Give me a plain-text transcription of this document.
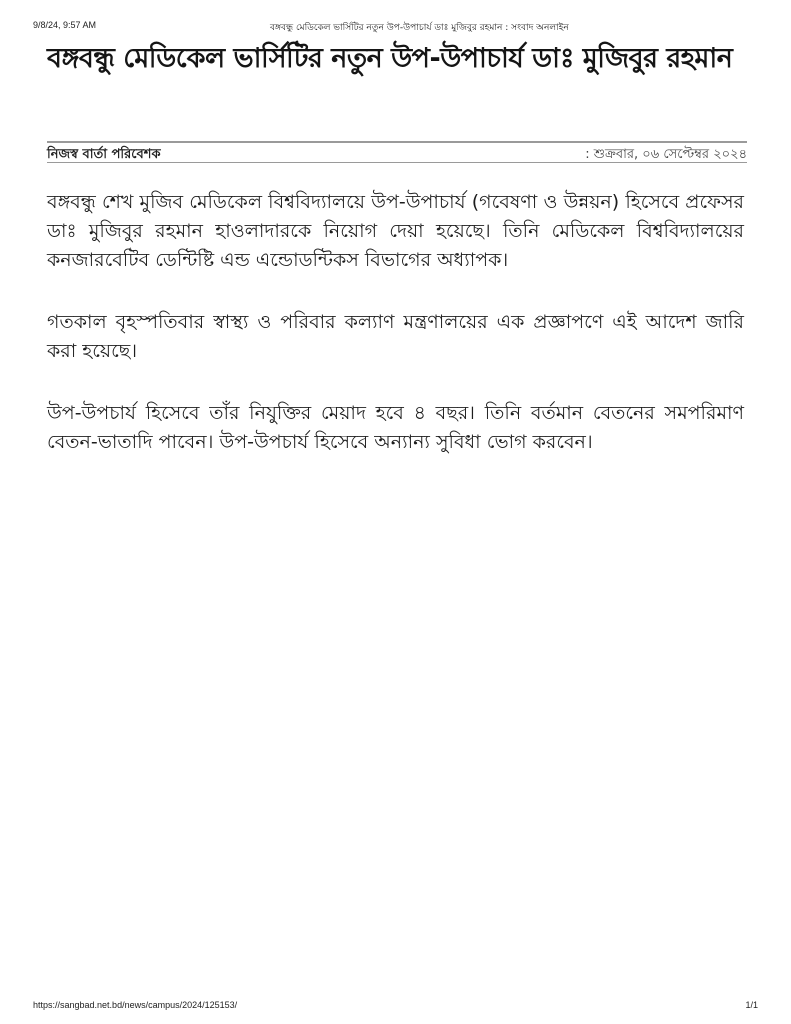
9/8/24, 9:57 AM	বঙ্গবন্ধু মেডিকেল ভার্সিটির নতুন উপ-উপাচার্য ডাঃ মুজিবুর রহমান : সংবাদ অনলাইন
বঙ্গবন্ধু মেডিকেল ভার্সিটির নতুন উপ-উপাচার্য ডাঃ মুজিবুর রহমান
নিজস্ব বার্তা পরিবেশক	: শুক্রবার, ০৬ সেপ্টেম্বর ২০২৪

বঙ্গবন্ধু শেখ মুজিব মেডিকেল বিশ্ববিদ্যালয়ে উপ-উপাচার্য (গবেষণা ও উন্নয়ন) হিসেবে প্রফেসর ডাঃ মুজিবুর রহমান হাওলাদারকে নিয়োগ দেয়া হয়েছে। তিনি মেডিকেল বিশ্ববিদ্যালয়ের কনজারবেটিব ডেন্টিষ্টি এন্ড এন্ডোডন্টিকস বিভাগের অধ্যাপক।

গতকাল বৃহস্পতিবার স্বাস্থ্য ও পরিবার কল্যাণ মন্ত্রণালয়ের এক প্রজ্ঞাপণে এই আদেশ জারি করা হয়েছে।

উপ-উপচার্য হিসেবে তাঁর নিযুক্তির মেয়াদ হবে ৪ বছর। তিনি বর্তমান বেতনের সমপরিমাণ বেতন-ভাতাদি পাবেন। উপ-উপচার্য হিসেবে অন্যান্য সুবিধা ভোগ করবেন।

https://sangbad.net.bd/news/campus/2024/125153/	1/1
